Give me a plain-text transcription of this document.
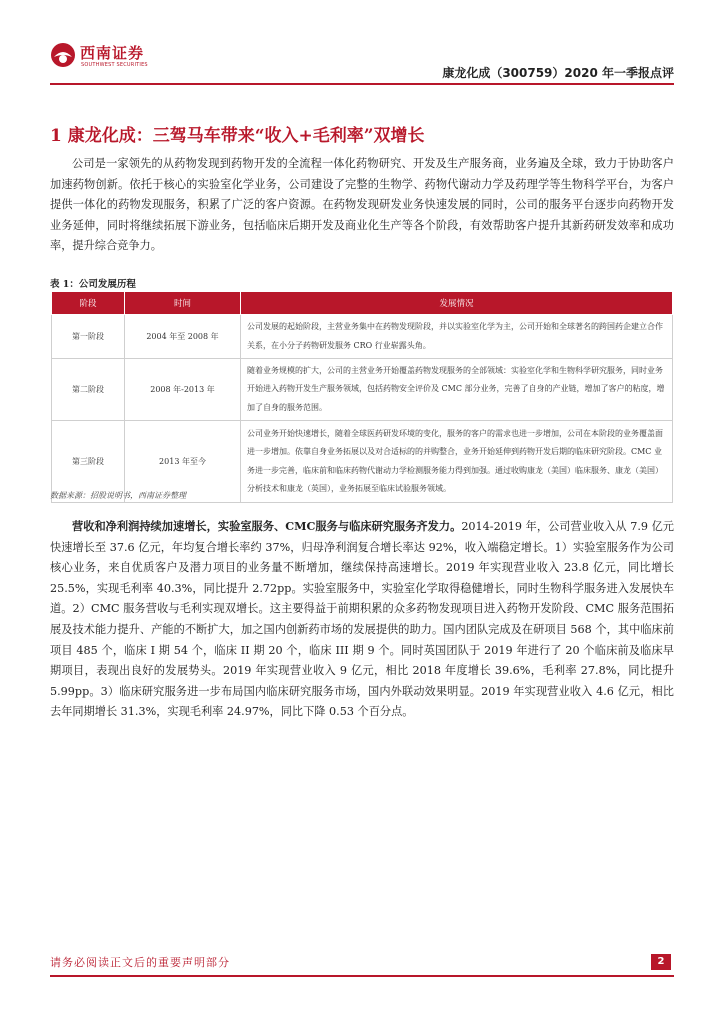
西南证券
SOUTHWEST SECURITIES
康龙化成（300759）2020 年一季报点评
1 康龙化成：三驾马车带来“收入+毛利率”双增长
公司是一家领先的从药物发现到药物开发的全流程一体化药物研究、开发及生产服务商，业务遍及全球，致力于协助客户加速药物创新。依托于核心的实验室化学业务，公司建设了完整的生物学、药物代谢动力学及药理学等生物科学平台，为客户提供一体化的药物发现服务，积累了广泛的客户资源。在药物发现研发业务快速发展的同时，公司的服务平台逐步向药物开发业务延伸，同时将继续拓展下游业务，包括临床后期开发及商业化生产等各个阶段，有效帮助客户提升其新药研发效率和成功率，提升综合竞争力。
表 1：公司发展历程
阶段	时间	发展情况
第一阶段	2004 年至 2008 年	公司发展的起始阶段，主营业务集中在药物发现阶段，并以实验室化学为主，公司开始和全球著名的跨国药企建立合作关系，在小分子药物研发服务 CRO 行业崭露头角。
第二阶段	2008 年-2013 年	随着业务规模的扩大，公司的主营业务开始覆盖药物发现服务的全部领域：实验室化学和生物科学研究服务，同时业务开始进入药物开发生产服务领域，包括药物安全评价及 CMC 部分业务，完善了自身的产业链，增加了客户的粘度，增加了自身的服务范围。
第三阶段	2013 年至今	公司业务开始快速增长，随着全球医药研发环境的变化，服务的客户的需求也进一步增加，公司在本阶段的业务覆盖面进一步增加。依靠自身业务拓展以及对合适标的的并购整合，业务开始延伸到药物开发后期的临床研究阶段。CMC 业务进一步完善，临床前和临床药物代谢动力学检测服务能力得到加强。通过收购康龙（美国）临床服务、康龙（美国）分析技术和康龙（英国），业务拓展至临床试验服务领域。
数据来源：招股说明书，西南证券整理
营收和净利润持续加速增长，实验室服务、CMC服务与临床研究服务齐发力。2014-2019 年，公司营业收入从 7.9 亿元快速增长至 37.6 亿元，年均复合增长率约 37%，归母净利润复合增长率达 92%，收入端稳定增长。1）实验室服务作为公司核心业务，来自优质客户及潜力项目的业务量不断增加，继续保持高速增长。2019 年实现营业收入 23.8 亿元，同比增长 25.5%，实现毛利率 40.3%，同比提升 2.72pp。实验室服务中，实验室化学取得稳健增长，同时生物科学服务进入发展快车道。2）CMC 服务营收与毛利实现双增长。这主要得益于前期积累的众多药物发现项目进入药物开发阶段、CMC 服务范围拓展及技术能力提升、产能的不断扩大，加之国内创新药市场的发展提供的助力。国内团队完成及在研项目 568 个，其中临床前项目 485 个，临床 I 期 54 个，临床 II 期 20 个，临床 III 期 9 个。同时英国团队于 2019 年进行了 20 个临床前及临床早期项目，表现出良好的发展势头。2019 年实现营业收入 9 亿元，相比 2018 年度增长 39.6%，毛利率 27.8%，同比提升 5.99pp。3）临床研究服务进一步布局国内临床研究服务市场，国内外联动效果明显。2019 年实现营业收入 4.6 亿元，相比去年同期增长 31.3%，实现毛利率 24.97%，同比下降 0.53 个百分点。
请务必阅读正文后的重要声明部分	2
